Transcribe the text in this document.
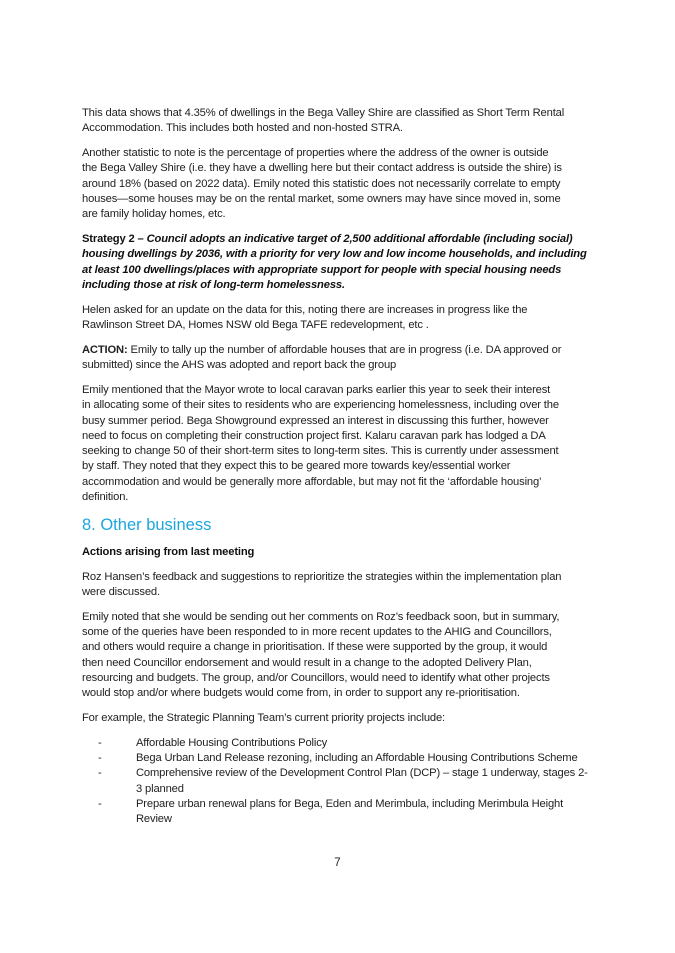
This data shows that 4.35% of dwellings in the Bega Valley Shire are classified as Short Term Rental
Accommodation. This includes both hosted and non-hosted STRA.

Another statistic to note is the percentage of properties where the address of the owner is outside
the Bega Valley Shire (i.e. they have a dwelling here but their contact address is outside the shire) is
around 18% (based on 2022 data). Emily noted this statistic does not necessarily correlate to empty
houses—some houses may be on the rental market, some owners may have since moved in, some
are family holiday homes, etc.

Strategy 2 – Council adopts an indicative target of 2,500 additional affordable (including social)
housing dwellings by 2036, with a priority for very low and low income households, and including
at least 100 dwellings/places with appropriate support for people with special housing needs
including those at risk of long-term homelessness.

Helen asked for an update on the data for this, noting there are increases in progress like the
Rawlinson Street DA, Homes NSW old Bega TAFE redevelopment, etc .

ACTION: Emily to tally up the number of affordable houses that are in progress (i.e. DA approved or
submitted) since the AHS was adopted and report back the group

Emily mentioned that the Mayor wrote to local caravan parks earlier this year to seek their interest
in allocating some of their sites to residents who are experiencing homelessness, including over the
busy summer period. Bega Showground expressed an interest in discussing this further, however
need to focus on completing their construction project first. Kalaru caravan park has lodged a DA
seeking to change 50 of their short-term sites to long-term sites. This is currently under assessment
by staff. They noted that they expect this to be geared more towards key/essential worker
accommodation and would be generally more affordable, but may not fit the ‘affordable housing’
definition.

8. Other business

Actions arising from last meeting

Roz Hansen’s feedback and suggestions to reprioritize the strategies within the implementation plan
were discussed.

Emily noted that she would be sending out her comments on Roz’s feedback soon, but in summary,
some of the queries have been responded to in more recent updates to the AHIG and Councillors,
and others would require a change in prioritisation. If these were supported by the group, it would
then need Councillor endorsement and would result in a change to the adopted Delivery Plan,
resourcing and budgets. The group, and/or Councillors, would need to identify what other projects
would stop and/or where budgets would come from, in order to support any re-prioritisation.

For example, the Strategic Planning Team’s current priority projects include:

-	Affordable Housing Contributions Policy
-	Bega Urban Land Release rezoning, including an Affordable Housing Contributions Scheme
-	Comprehensive review of the Development Control Plan (DCP) – stage 1 underway, stages 2-
3 planned
-	Prepare urban renewal plans for Bega, Eden and Merimbula, including Merimbula Height
Review
7
